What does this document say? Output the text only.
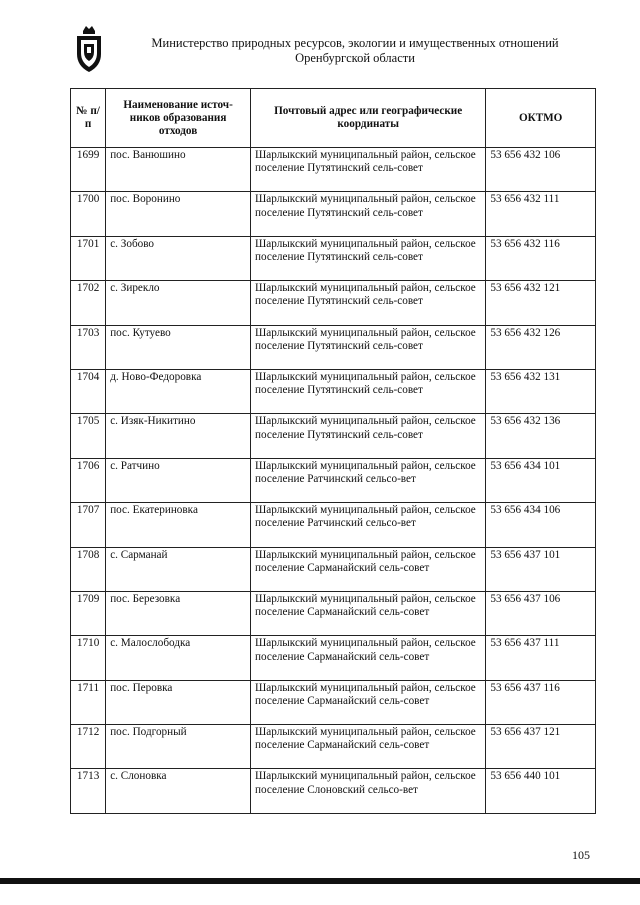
Министерство природных ресурсов, экологии и имущественных отношений
Оренбургской области
№ п/п	Наименование источ-ников образования отходов	Почтовый адрес или географические координаты	ОКТМО
1699	пос. Ванюшино	Шарлыкский муниципальный район, сельское поселение Путятинский сель-совет	53 656 432 106
1700	пос. Воронино	Шарлыкский муниципальный район, сельское поселение Путятинский сель-совет	53 656 432 111
1701	с. Зобово	Шарлыкский муниципальный район, сельское поселение Путятинский сель-совет	53 656 432 116
1702	с. Зирекло	Шарлыкский муниципальный район, сельское поселение Путятинский сель-совет	53 656 432 121
1703	пос. Кутуево	Шарлыкский муниципальный район, сельское поселение Путятинский сель-совет	53 656 432 126
1704	д. Ново-Федоровка	Шарлыкский муниципальный район, сельское поселение Путятинский сель-совет	53 656 432 131
1705	с. Изяк-Никитино	Шарлыкский муниципальный район, сельское поселение Путятинский сель-совет	53 656 432 136
1706	с. Ратчино	Шарлыкский муниципальный район, сельское поселение Ратчинский сельсо-вет	53 656 434 101
1707	пос. Екатериновка	Шарлыкский муниципальный район, сельское поселение Ратчинский сельсо-вет	53 656 434 106
1708	с. Сарманай	Шарлыкский муниципальный район, сельское поселение Сарманайский сель-совет	53 656 437 101
1709	пос. Березовка	Шарлыкский муниципальный район, сельское поселение Сарманайский сель-совет	53 656 437 106
1710	с. Малослободка	Шарлыкский муниципальный район, сельское поселение Сарманайский сель-совет	53 656 437 111
1711	пос. Перовка	Шарлыкский муниципальный район, сельское поселение Сарманайский сель-совет	53 656 437 116
1712	пос. Подгорный	Шарлыкский муниципальный район, сельское поселение Сарманайский сель-совет	53 656 437 121
1713	с. Слоновка	Шарлыкский муниципальный район, сельское поселение Слоновский сельсо-вет	53 656 440 101
105
